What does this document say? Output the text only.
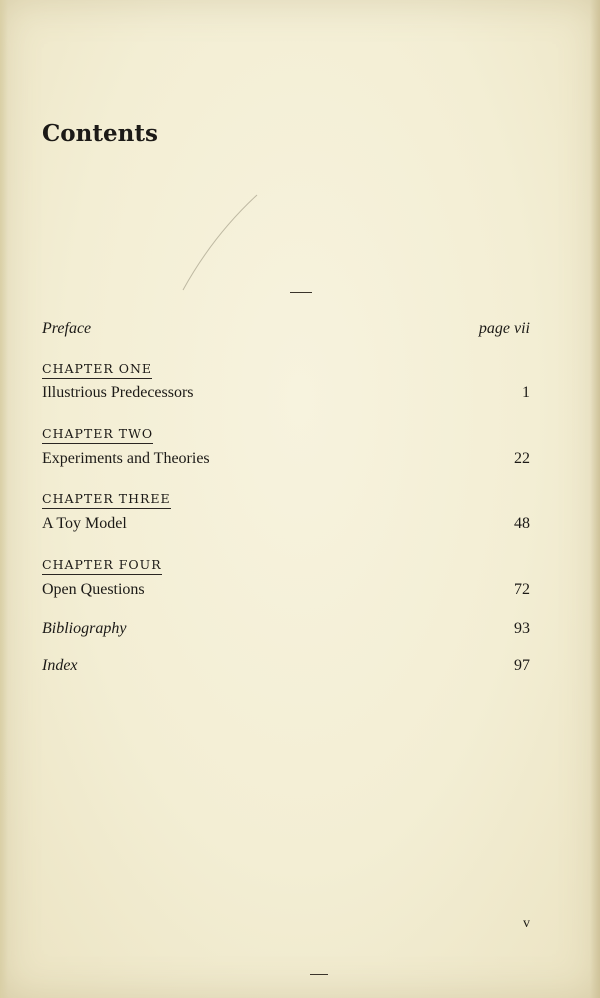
Contents
Preface	page vii
CHAPTER ONE
Illustrious Predecessors	1
CHAPTER TWO
Experiments and Theories	22
CHAPTER THREE
A Toy Model	48
CHAPTER FOUR
Open Questions	72
Bibliography	93
Index	97
v
